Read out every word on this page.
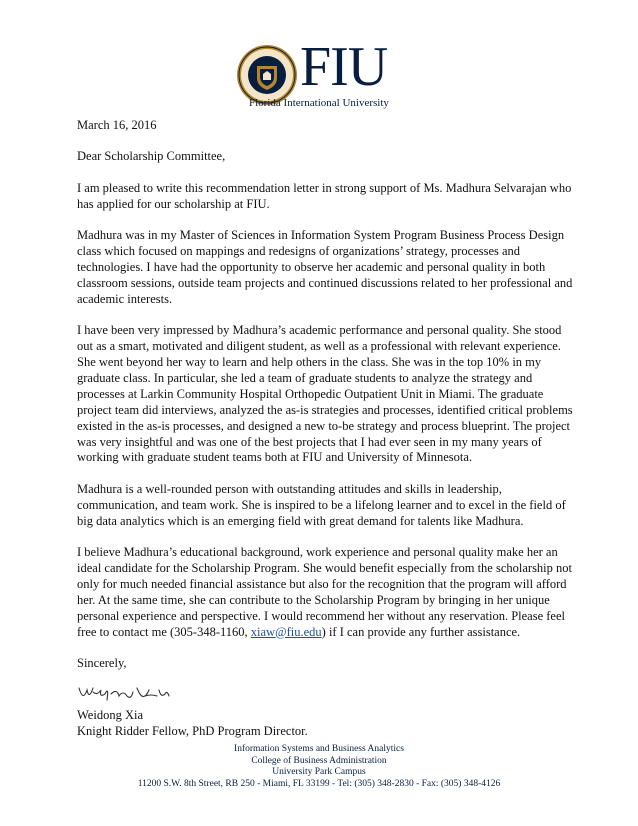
FIU
Florida International University

March 16, 2016

Dear Scholarship Committee,

I am pleased to write this recommendation letter in strong support of Ms. Madhura Selvarajan who has applied for our scholarship at FIU.

Madhura was in my Master of Sciences in Information System Program Business Process Design class which focused on mappings and redesigns of organizations’ strategy, processes and technologies. I have had the opportunity to observe her academic and personal quality in both classroom sessions, outside team projects and continued discussions related to her professional and academic interests.

I have been very impressed by Madhura’s academic performance and personal quality. She stood out as a smart, motivated and diligent student, as well as a professional with relevant experience. She went beyond her way to learn and help others in the class. She was in the top 10% in my graduate class. In particular, she led a team of graduate students to analyze the strategy and processes at Larkin Community Hospital Orthopedic Outpatient Unit in Miami. The graduate project team did interviews, analyzed the as-is strategies and processes, identified critical problems existed in the as-is processes, and designed a new to-be strategy and process blueprint. The project was very insightful and was one of the best projects that I had ever seen in my many years of working with graduate student teams both at FIU and University of Minnesota.

Madhura is a well-rounded person with outstanding attitudes and skills in leadership, communication, and team work. She is inspired to be a lifelong learner and to excel in the field of big data analytics which is an emerging field with great demand for talents like Madhura.

I believe Madhura’s educational background, work experience and personal quality make her an ideal candidate for the Scholarship Program. She would benefit especially from the scholarship not only for much needed financial assistance but also for the recognition that the program will afford her. At the same time, she can contribute to the Scholarship Program by bringing in her unique personal experience and perspective. I would recommend her without any reservation. Please feel free to contact me (305-348-1160, xiaw@fiu.edu) if I can provide any further assistance.

Sincerely,

Weidong Xia

Knight Ridder Fellow, PhD Program Director.

Information Systems and Business Analytics
College of Business Administration
University Park Campus
11200 S.W. 8th Street, RB 250 - Miami, FL 33199 - Tel: (305) 348-2830 - Fax: (305) 348-4126
